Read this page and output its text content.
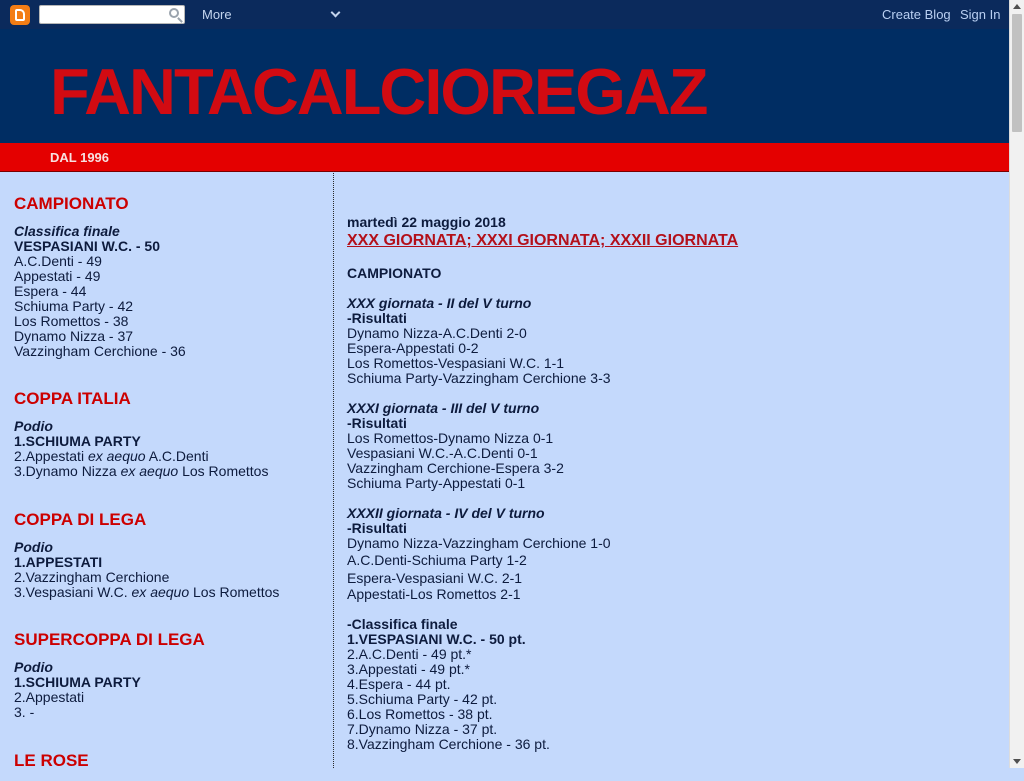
More	Create Blog Sign In
FANTACALCIOREGAZ
DAL 1996
CAMPIONATO
Classifica finale
VESPASIANI W.C. - 50
A.C.Denti - 49
Appestati - 49
Espera - 44
Schiuma Party - 42
Los Romettos - 38
Dynamo Nizza - 37
Vazzingham Cerchione - 36
COPPA ITALIA
Podio
1.SCHIUMA PARTY
2.Appestati ex aequo A.C.Denti
3.Dynamo Nizza ex aequo Los Romettos
COPPA DI LEGA
Podio
1.APPESTATI
2.Vazzingham Cerchione
3.Vespasiani W.C. ex aequo Los Romettos
SUPERCOPPA DI LEGA
Podio
1.SCHIUMA PARTY
2.Appestati
3. -
LE ROSE
martedì 22 maggio 2018
XXX GIORNATA; XXXI GIORNATA; XXXII GIORNATA
CAMPIONATO
XXX giornata - II del V turno
-Risultati
Dynamo Nizza-A.C.Denti 2-0
Espera-Appestati 0-2
Los Romettos-Vespasiani W.C. 1-1
Schiuma Party-Vazzingham Cerchione 3-3
XXXI giornata - III del V turno
-Risultati
Los Romettos-Dynamo Nizza 0-1
Vespasiani W.C.-A.C.Denti 0-1
Vazzingham Cerchione-Espera 3-2
Schiuma Party-Appestati 0-1
XXXII giornata - IV del V turno
-Risultati
Dynamo Nizza-Vazzingham Cerchione 1-0
A.C.Denti-Schiuma Party 1-2
Espera-Vespasiani W.C. 2-1
Appestati-Los Romettos 2-1
-Classifica finale
1.VESPASIANI W.C. - 50 pt.
2.A.C.Denti - 49 pt.*
3.Appestati - 49 pt.*
4.Espera - 44 pt.
5.Schiuma Party - 42 pt.
6.Los Romettos - 38 pt.
7.Dynamo Nizza - 37 pt.
8.Vazzingham Cerchione - 36 pt.
